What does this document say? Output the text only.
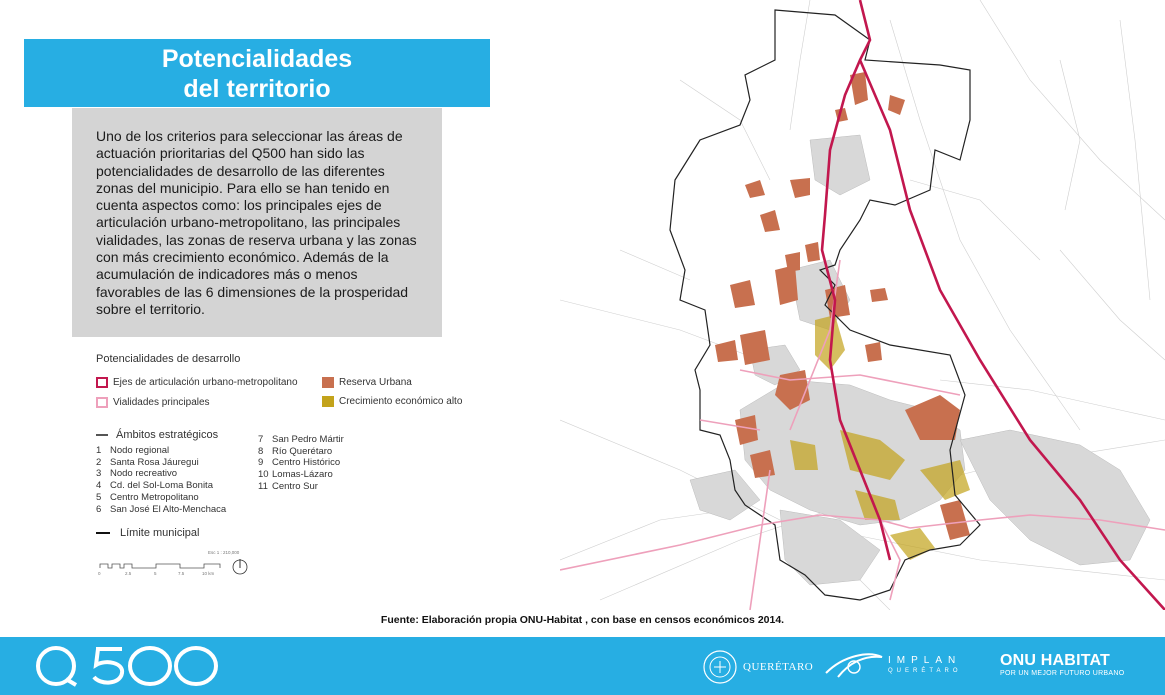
Potencialidades
del territorio

Uno de los criterios para seleccionar las áreas de actuación prioritarias del Q500 han sido las potencialidades de desarrollo de las diferentes zonas del municipio. Para ello se han tenido en cuenta aspectos como: los principales ejes de articulación urbano-metropolitano, las principales vialidades, las zonas de reserva urbana y las zonas con más crecimiento económico. Además de la acumulación de indicadores más o menos favorables de las 6 dimensiones de la prosperidad sobre el territorio.

Potencialidades de desarrollo
Ejes de articulación urbano-metropolitano	Reserva Urbana
Vialidades principales	Crecimiento económico alto
Ámbitos estratégicos
1 Nodo regional
2 Santa Rosa Jáuregui
3 Nodo recreativo
4 Cd. del Sol-Loma Bonita
5 Centro Metropolitano
6 San José El Alto-Menchaca
7 San Pedro Mártir
8 Río Querétaro
9 Centro Histórico
10 Lomas-Lázaro
11 Centro Sur
Límite municipal
Esc 1 : 210,000
0	2.5	5	7.5	10 km
Fuente: Elaboración propia ONU-Habitat , con base en censos económicos 2014.
QUERÉTARO
IMPLAN
QUERÉTARO
ONU HABITAT
POR UN MEJOR FUTURO URBANO
